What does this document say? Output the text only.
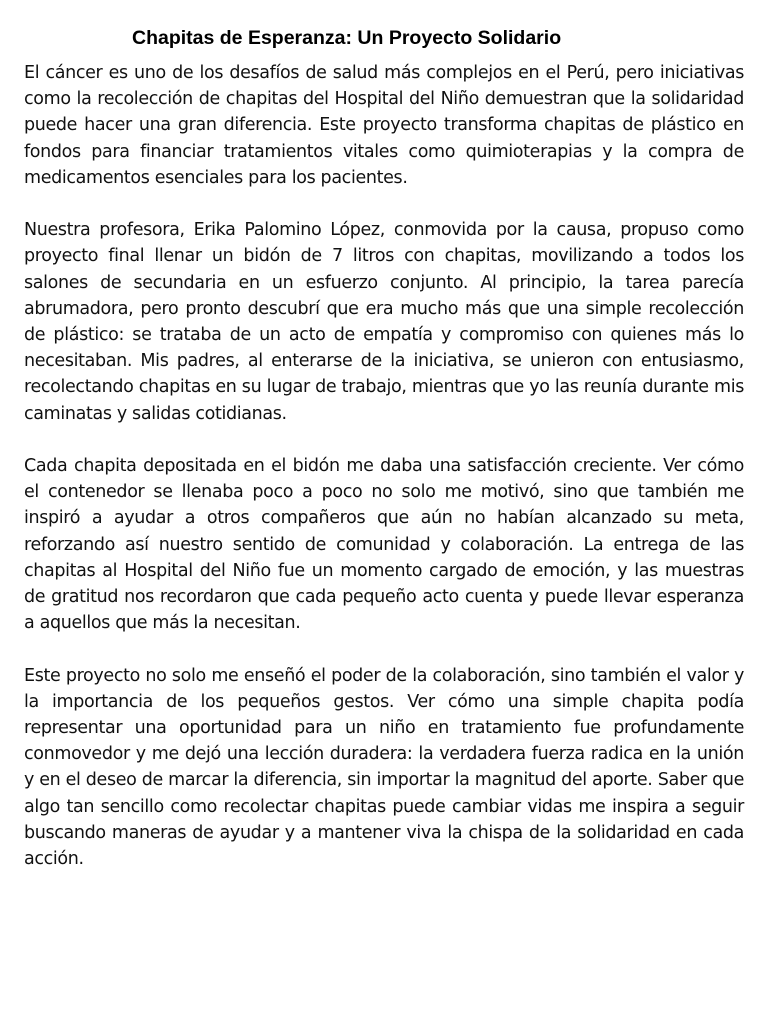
Chapitas de Esperanza: Un Proyecto Solidario

El cáncer es uno de los desafíos de salud más complejos en el Perú, pero iniciativas como la recolección de chapitas del Hospital del Niño demuestran que la solidaridad puede hacer una gran diferencia. Este proyecto transforma chapitas de plástico en fondos para financiar tratamientos vitales como quimioterapias y la compra de medicamentos esenciales para los pacientes.

Nuestra profesora, Erika Palomino López, conmovida por la causa, propuso como proyecto final llenar un bidón de 7 litros con chapitas, movilizando a todos los salones de secundaria en un esfuerzo conjunto. Al principio, la tarea parecía abrumadora, pero pronto descubrí que era mucho más que una simple recolección de plástico: se trataba de un acto de empatía y compromiso con quienes más lo necesitaban. Mis padres, al enterarse de la iniciativa, se unieron con entusiasmo, recolectando chapitas en su lugar de trabajo, mientras que yo las reunía durante mis caminatas y salidas cotidianas.

Cada chapita depositada en el bidón me daba una satisfacción creciente. Ver cómo el contenedor se llenaba poco a poco no solo me motivó, sino que también me inspiró a ayudar a otros compañeros que aún no habían alcanzado su meta, reforzando así nuestro sentido de comunidad y colaboración. La entrega de las chapitas al Hospital del Niño fue un momento cargado de emoción, y las muestras de gratitud nos recordaron que cada pequeño acto cuenta y puede llevar esperanza a aquellos que más la necesitan.

Este proyecto no solo me enseñó el poder de la colaboración, sino también el valor y la importancia de los pequeños gestos. Ver cómo una simple chapita podía representar una oportunidad para un niño en tratamiento fue profundamente conmovedor y me dejó una lección duradera: la verdadera fuerza radica en la unión y en el deseo de marcar la diferencia, sin importar la magnitud del aporte. Saber que algo tan sencillo como recolectar chapitas puede cambiar vidas me inspira a seguir buscando maneras de ayudar y a mantener viva la chispa de la solidaridad en cada acción.
